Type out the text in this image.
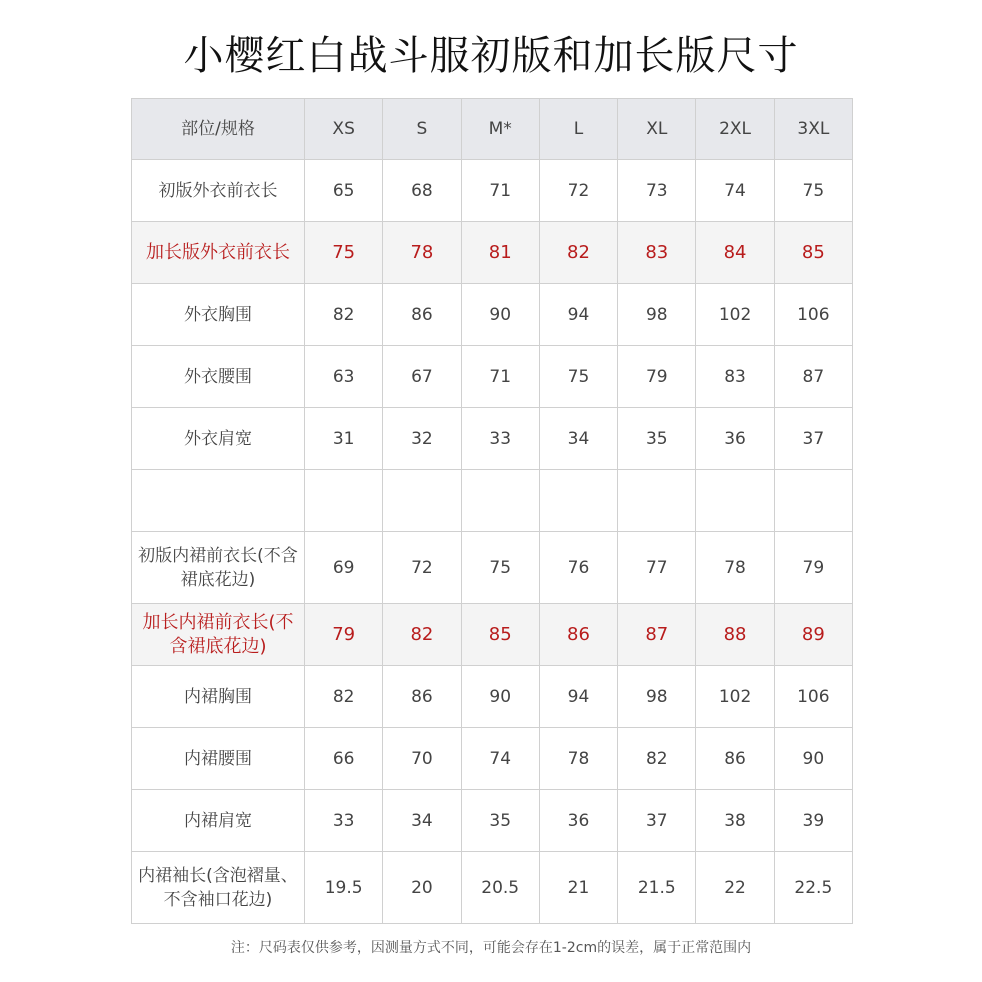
小樱红白战斗服初版和加长版尺寸
部位/规格	XS	S	M*	L	XL	2XL	3XL
初版外衣前衣长	65	68	71	72	73	74	75
加长版外衣前衣长	75	78	81	82	83	84	85
外衣胸围	82	86	90	94	98	102	106
外衣腰围	63	67	71	75	79	83	87
外衣肩宽	31	32	33	34	35	36	37

初版内裙前衣长(不含裙底花边)	69	72	75	76	77	78	79
加长内裙前衣长(不含裙底花边)	79	82	85	86	87	88	89
内裙胸围	82	86	90	94	98	102	106
内裙腰围	66	70	74	78	82	86	90
内裙肩宽	33	34	35	36	37	38	39
内裙袖长(含泡褶量、不含袖口花边)	19.5	20	20.5	21	21.5	22	22.5
注：尺码表仅供参考，因测量方式不同，可能会存在1-2cm的误差，属于正常范围内
